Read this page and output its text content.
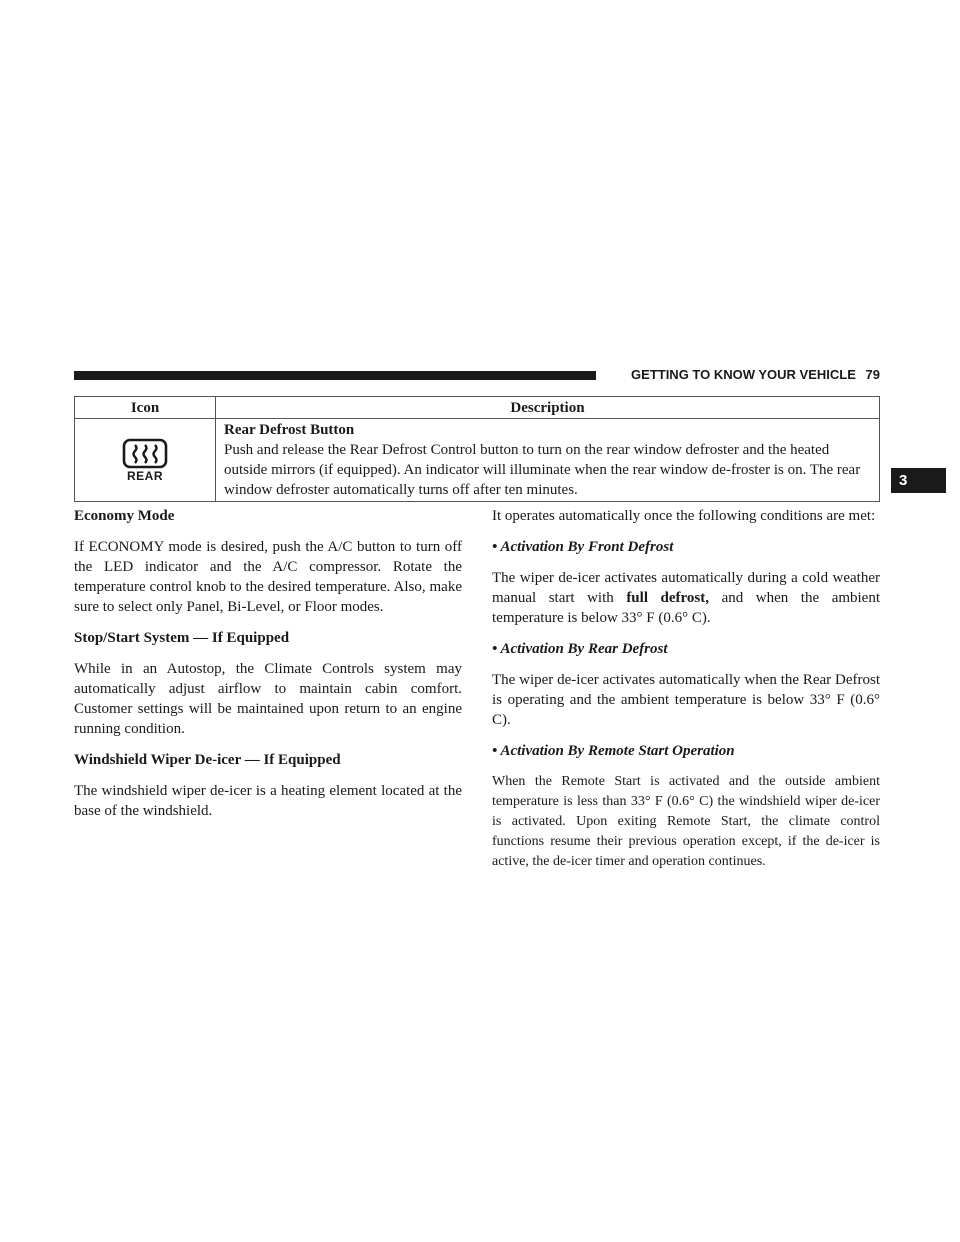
GETTING TO KNOW YOUR VEHICLE 79
3
Icon	Description

REAR	Rear Defrost Button
Push and release the Rear Defrost Control button to turn on the rear window defroster and the heated outside mirrors (if equipped). An indicator will illuminate when the rear window de-froster is on. The rear window defroster automatically turns off after ten minutes.
Economy Mode

If ECONOMY mode is desired, push the A/C button to turn off the LED indicator and the A/C compressor. Rotate the temperature control knob to the desired temperature. Also, make sure to select only Panel, Bi-Level, or Floor modes.

Stop/Start System — If Equipped

While in an Autostop, the Climate Controls system may automatically adjust airflow to maintain cabin comfort. Customer settings will be maintained upon return to an engine running condition.

Windshield Wiper De-icer — If Equipped

The windshield wiper de-icer is a heating element located at the base of the windshield.

It operates automatically once the following conditions are met:

• Activation By Front Defrost

The wiper de-icer activates automatically during a cold weather manual start with full defrost, and when the ambient temperature is below 33° F (0.6° C).

• Activation By Rear Defrost

The wiper de-icer activates automatically when the Rear Defrost is operating and the ambient temperature is below 33° F (0.6° C).

• Activation By Remote Start Operation

When the Remote Start is activated and the outside ambient temperature is less than 33° F (0.6° C) the windshield wiper de-icer is activated. Upon exiting Remote Start, the climate control functions resume their previous operation except, if the de-icer is active, the de-icer timer and operation continues.
